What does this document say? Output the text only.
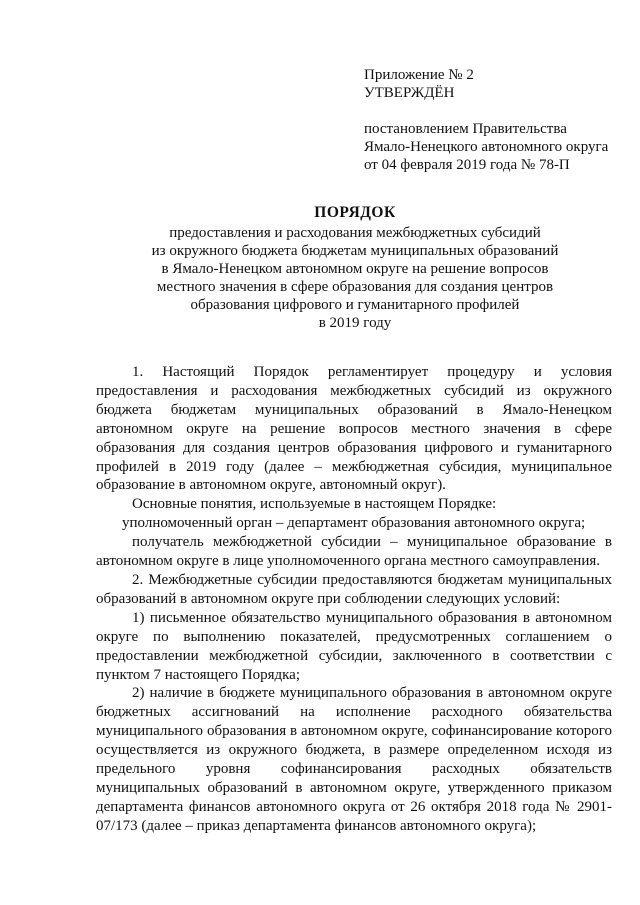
Приложение № 2
УТВЕРЖДЁН
постановлением Правительства
Ямало-Ненецкого автономного округа
от 04 февраля 2019 года № 78-П
ПОРЯДОК
предоставления и расходования межбюджетных субсидий
из окружного бюджета бюджетам муниципальных образований
в Ямало-Ненецком автономном округе на решение вопросов
местного значения в сфере образования для создания центров
образования цифрового и гуманитарного профилей
в 2019 году

1. Настоящий Порядок регламентирует процедуру и условия предоставления и расходования межбюджетных субсидий из окружного бюджета бюджетам муниципальных образований в Ямало-Ненецком автономном округе на решение вопросов местного значения в сфере образования для создания центров образования цифрового и гуманитарного профилей в 2019 году (далее – межбюджетная субсидия, муниципальное образование в автономном округе, автономный округ).

Основные понятия, используемые в настоящем Порядке:

уполномоченный орган – департамент образования автономного округа;

получатель межбюджетной субсидии – муниципальное образование в автономном округе в лице уполномоченного органа местного самоуправления.

2. Межбюджетные субсидии предоставляются бюджетам муниципальных образований в автономном округе при соблюдении следующих условий:

1) письменное обязательство муниципального образования в автономном округе по выполнению показателей, предусмотренных соглашением о предоставлении межбюджетной субсидии, заключенного в соответствии с пунктом 7 настоящего Порядка;

2) наличие в бюджете муниципального образования в автономном округе бюджетных ассигнований на исполнение расходного обязательства муниципального образования в автономном округе, софинансирование которого осуществляется из окружного бюджета, в размере определенном исходя из предельного уровня софинансирования расходных обязательств муниципальных образований в автономном округе, утвержденного приказом департамента финансов автономного округа от 26 октября 2018 года № 2901-07/173 (далее – приказ департамента финансов автономного округа);
